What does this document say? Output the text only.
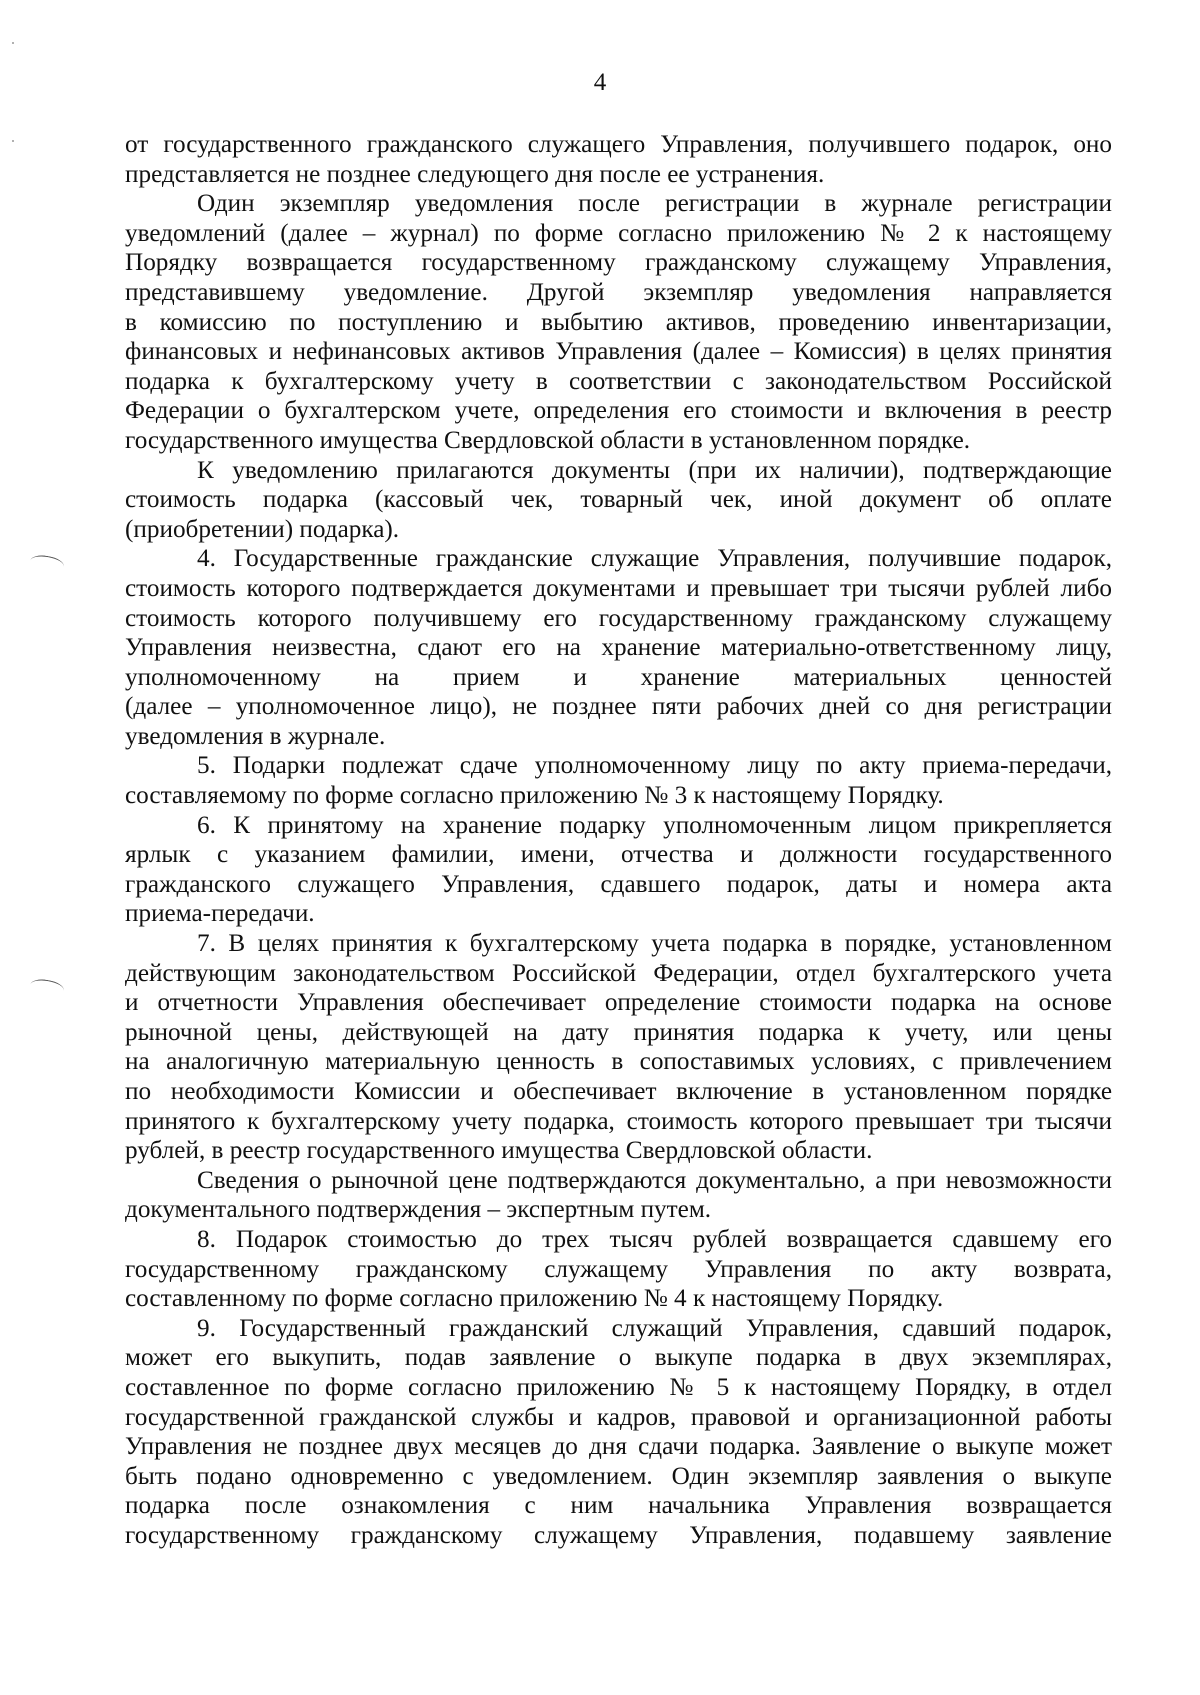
4
от государственного гражданского служащего Управления, получившего подарок, оно
представляется не позднее следующего дня после ее устранения.
Один экземпляр уведомления после регистрации в журнале регистрации
уведомлений (далее – журнал) по форме согласно приложению № 2 к настоящему
Порядку возвращается государственному гражданскому служащему Управления,
представившему уведомление. Другой экземпляр уведомления направляется
в комиссию по поступлению и выбытию активов, проведению инвентаризации,
финансовых и нефинансовых активов Управления (далее – Комиссия) в целях принятия
подарка к бухгалтерскому учету в соответствии с законодательством Российской
Федерации о бухгалтерском учете, определения его стоимости и включения в реестр
государственного имущества Свердловской области в установленном порядке.
К уведомлению прилагаются документы (при их наличии), подтверждающие
стоимость подарка (кассовый чек, товарный чек, иной документ об оплате
(приобретении) подарка).
4. Государственные гражданские служащие Управления, получившие подарок,
стоимость которого подтверждается документами и превышает три тысячи рублей либо
стоимость которого получившему его государственному гражданскому служащему
Управления неизвестна, сдают его на хранение материально-ответственному лицу,
уполномоченному на прием и хранение материальных ценностей
(далее – уполномоченное лицо), не позднее пяти рабочих дней со дня регистрации
уведомления в журнале.
5. Подарки подлежат сдаче уполномоченному лицу по акту приема-передачи,
составляемому по форме согласно приложению № 3 к настоящему Порядку.
6. К принятому на хранение подарку уполномоченным лицом прикрепляется
ярлык с указанием фамилии, имени, отчества и должности государственного
гражданского служащего Управления, сдавшего подарок, даты и номера акта
приема-передачи.
7. В целях принятия к бухгалтерскому учета подарка в порядке, установленном
действующим законодательством Российской Федерации, отдел бухгалтерского учета
и отчетности Управления обеспечивает определение стоимости подарка на основе
рыночной цены, действующей на дату принятия подарка к учету, или цены
на аналогичную материальную ценность в сопоставимых условиях, с привлечением
по необходимости Комиссии и обеспечивает включение в установленном порядке
принятого к бухгалтерскому учету подарка, стоимость которого превышает три тысячи
рублей, в реестр государственного имущества Свердловской области.
Сведения о рыночной цене подтверждаются документально, а при невозможности
документального подтверждения – экспертным путем.
8. Подарок стоимостью до трех тысяч рублей возвращается сдавшему его
государственному гражданскому служащему Управления по акту возврата,
составленному по форме согласно приложению № 4 к настоящему Порядку.
9. Государственный гражданский служащий Управления, сдавший подарок,
может его выкупить, подав заявление о выкупе подарка в двух экземплярах,
составленное по форме согласно приложению № 5 к настоящему Порядку, в отдел
государственной гражданской службы и кадров, правовой и организационной работы
Управления не позднее двух месяцев до дня сдачи подарка. Заявление о выкупе может
быть подано одновременно с уведомлением. Один экземпляр заявления о выкупе
подарка после ознакомления с ним начальника Управления возвращается
государственному гражданскому служащему Управления, подавшему заявление
